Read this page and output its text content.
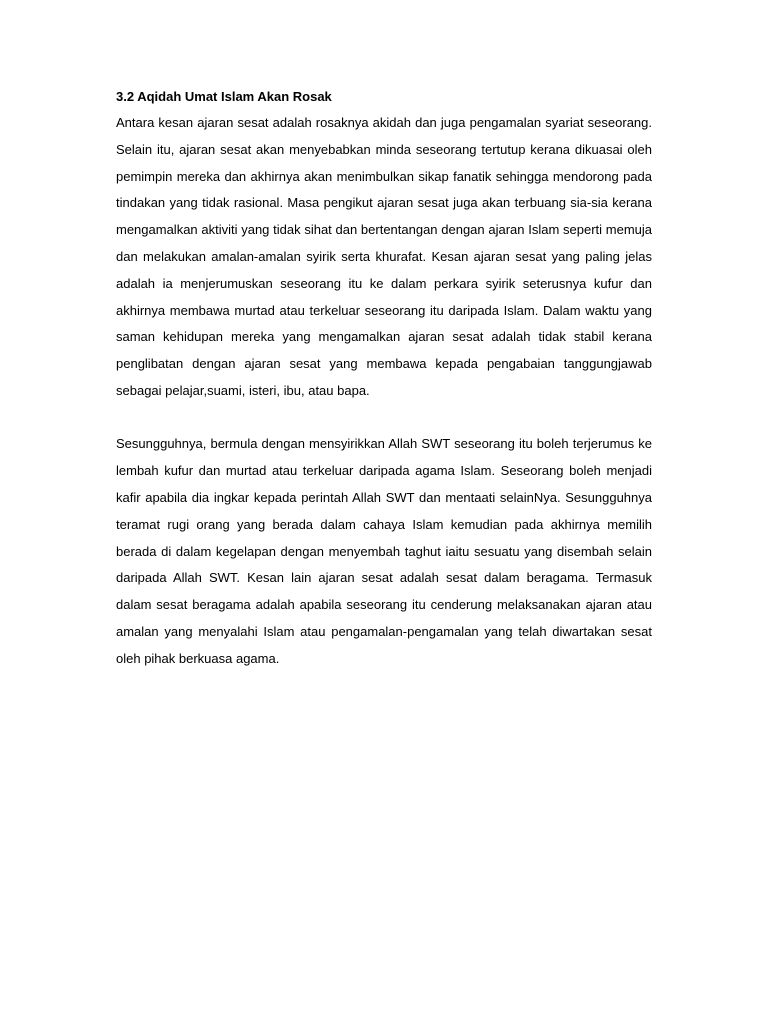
3.2 Aqidah Umat Islam Akan Rosak

Antara kesan ajaran sesat adalah rosaknya akidah dan juga pengamalan syariat seseorang. Selain itu, ajaran sesat akan menyebabkan minda seseorang tertutup kerana dikuasai oleh pemimpin mereka dan akhirnya akan menimbulkan sikap fanatik sehingga mendorong pada tindakan yang tidak rasional. Masa pengikut ajaran sesat juga akan terbuang sia-sia kerana mengamalkan aktiviti yang tidak sihat dan bertentangan dengan ajaran Islam seperti memuja dan melakukan amalan-amalan syirik serta khurafat. Kesan ajaran sesat yang paling jelas adalah ia menjerumuskan seseorang itu ke dalam perkara syirik seterusnya kufur dan akhirnya membawa murtad atau terkeluar seseorang itu daripada Islam. Dalam waktu yang saman kehidupan mereka yang mengamalkan ajaran sesat adalah tidak stabil kerana penglibatan dengan ajaran sesat yang membawa kepada pengabaian tanggungjawab sebagai pelajar,suami, isteri, ibu, atau bapa.

Sesungguhnya, bermula dengan mensyirikkan Allah SWT seseorang itu boleh terjerumus ke lembah kufur dan murtad atau terkeluar daripada agama Islam. Seseorang boleh menjadi kafir apabila dia ingkar kepada perintah Allah SWT dan mentaati selainNya. Sesungguhnya teramat rugi orang yang berada dalam cahaya Islam kemudian pada akhirnya memilih berada di dalam kegelapan dengan menyembah taghut iaitu sesuatu yang disembah selain daripada Allah SWT. Kesan lain ajaran sesat adalah sesat dalam beragama. Termasuk dalam sesat beragama adalah apabila seseorang itu cenderung melaksanakan ajaran atau amalan yang menyalahi Islam atau pengamalan-pengamalan yang telah diwartakan sesat oleh pihak berkuasa agama.
